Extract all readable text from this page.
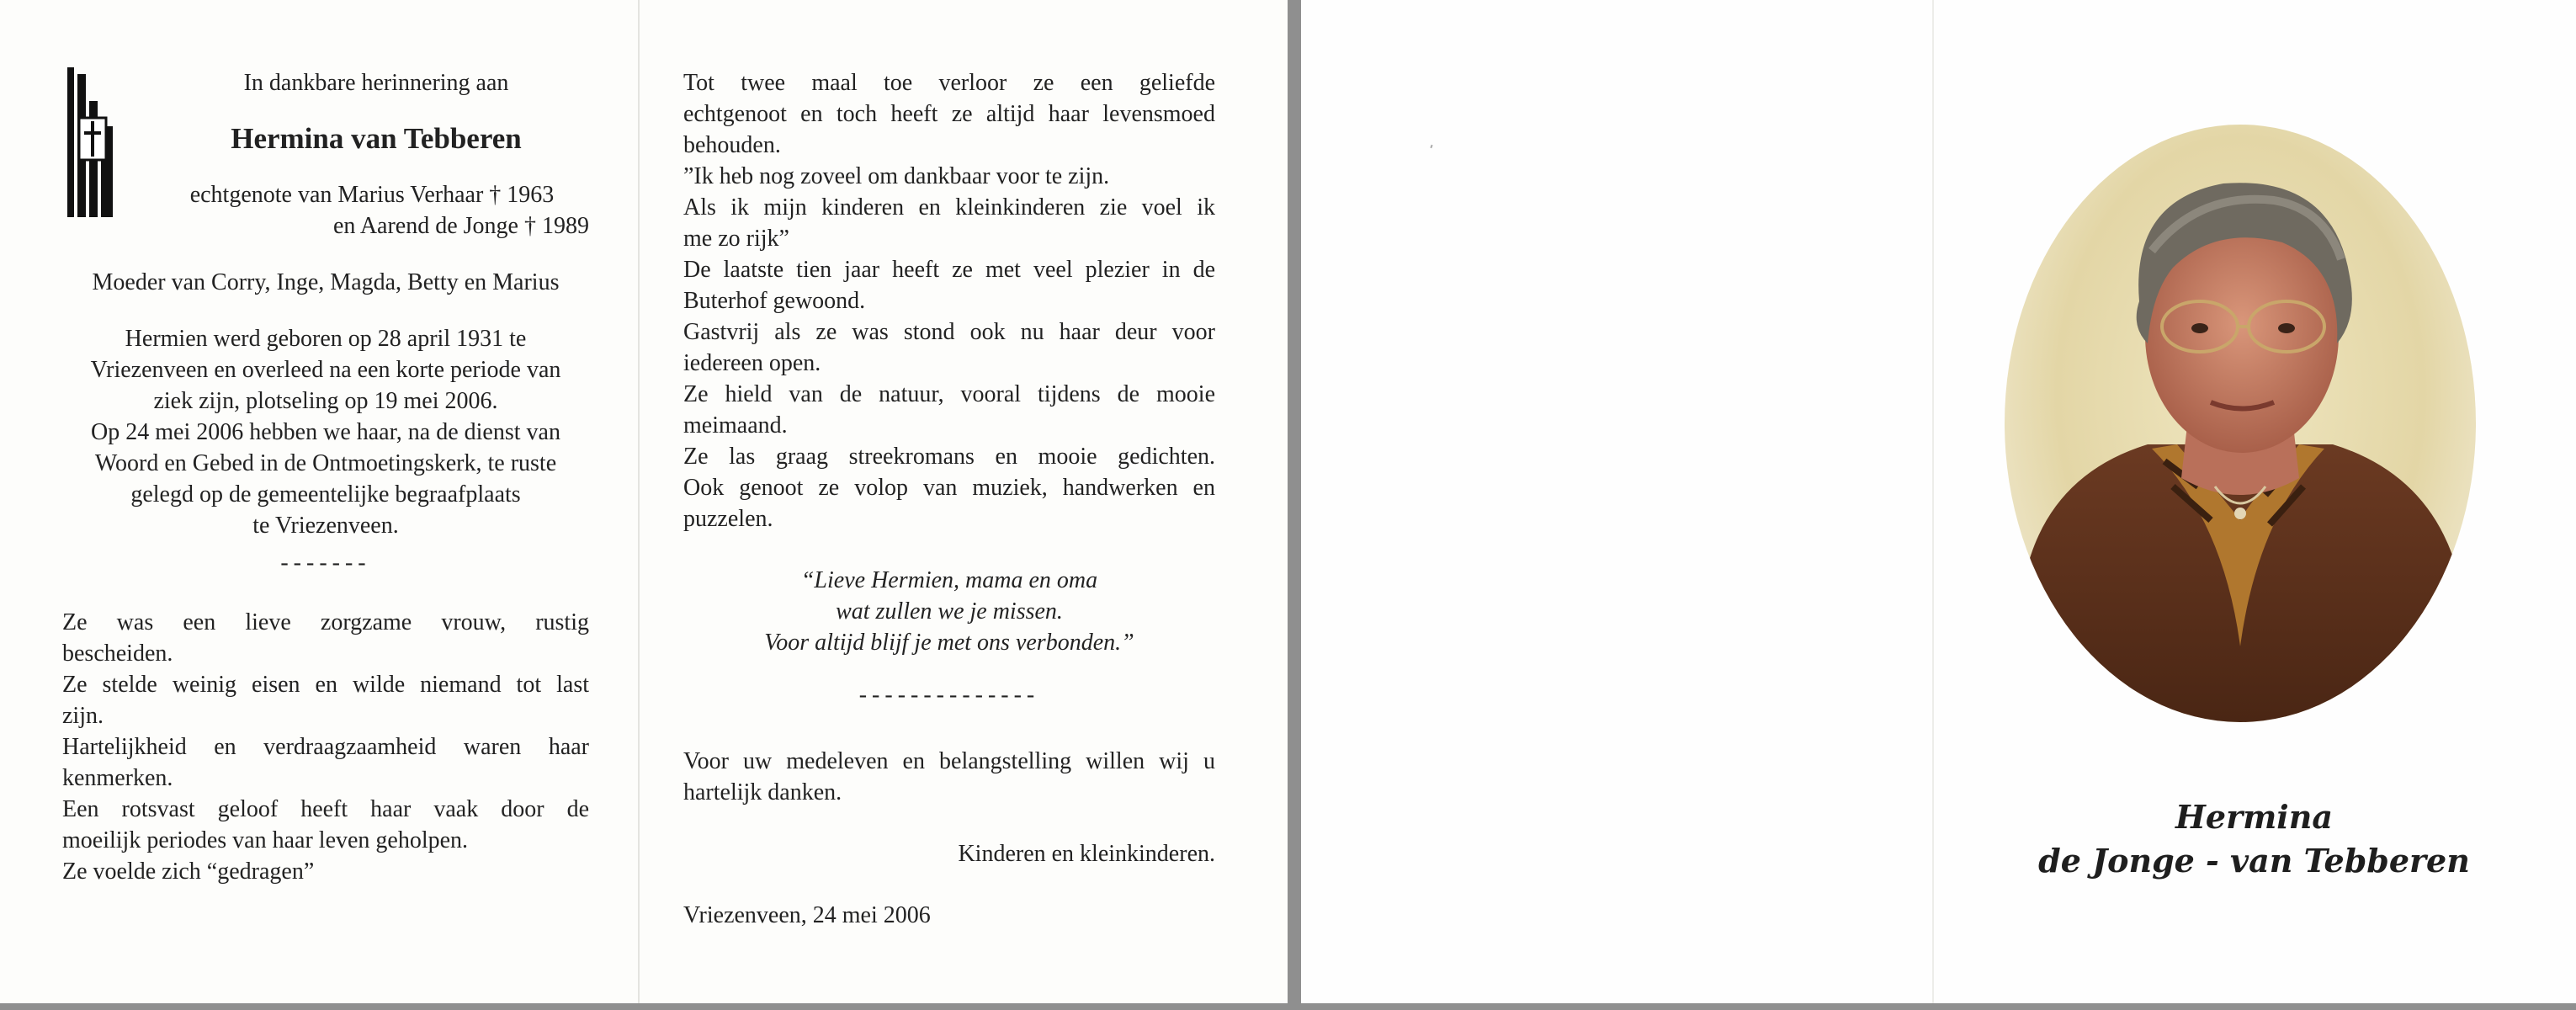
In dankbare herinnering aan

Hermina van Tebberen

echtgenote van Marius Verhaar † 1963

en Aarend de Jonge † 1989

Moeder van Corry, Inge, Magda, Betty en Marius

Hermien werd geboren op 28 april 1931 te

Vriezenveen en overleed na een korte periode van

ziek zijn, plotseling op 19 mei 2006.

Op 24 mei 2006 hebben we haar, na de dienst van

Woord en Gebed in de Ontmoetingskerk, te ruste

gelegd op de gemeentelijke begraafplaats

te Vriezenveen.

-------

Ze was een lieve zorgzame vrouw, rustig

bescheiden.

Ze stelde weinig eisen en wilde niemand tot last

zijn.

Hartelijkheid en verdraagzaamheid waren haar

kenmerken.

Een rotsvast geloof heeft haar vaak door de

moeilijk periodes van haar leven geholpen.

Ze voelde zich “gedragen”

Tot twee maal toe verloor ze een geliefde

echtgenoot en toch heeft ze altijd haar levensmoed

behouden.

”Ik heb nog zoveel om dankbaar voor te zijn.

Als ik mijn kinderen en kleinkinderen zie voel ik

me zo rijk”

De laatste tien jaar heeft ze met veel plezier in de

Buterhof gewoond.

Gastvrij als ze was stond ook nu haar deur voor

iedereen open.

Ze hield van de natuur, vooral tijdens de mooie

meimaand.

Ze las graag streekromans en mooie gedichten.

Ook genoot ze volop van muziek, handwerken en

puzzelen.

“Lieve Hermien, mama en oma

wat zullen we je missen.

Voor altijd blijf je met ons verbonden.”

--------------

Voor uw medeleven en belangstelling willen wij u

hartelijk danken.

Kinderen en kleinkinderen.

Vriezenveen, 24 mei 2006

Hermina

de Jonge - van Tebberen
